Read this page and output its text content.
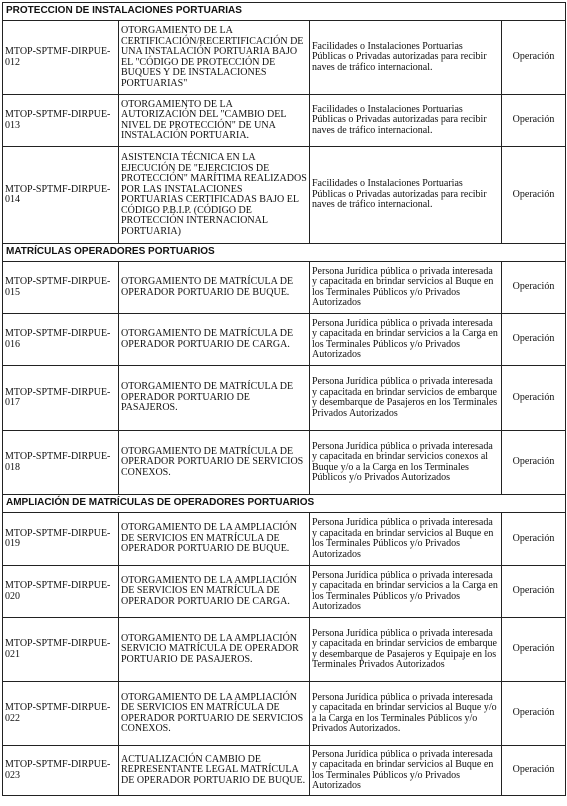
PROTECCION DE INSTALACIONES PORTUARIAS			
MTOP-SPTMF-DIRPUE-012	OTORGAMIENTO DE LA CERTIFICACIÓN/RECERTIFICACIÓN DE UNA INSTALACIÓN PORTUARIA BAJO EL "CÓDIGO DE PROTECCIÓN DE BUQUES Y DE INSTALACIONES PORTUARIAS"	Facilidades o Instalaciones Portuarias Públicas o Privadas autorizadas para recibir naves de tráfico internacional.	Operación
MTOP-SPTMF-DIRPUE-013	OTORGAMIENTO DE LA AUTORIZACIÓN DEL "CAMBIO DEL NIVEL DE PROTECCIÓN" DE UNA INSTALACIÓN PORTUARIA.	Facilidades o Instalaciones Portuarias Públicas o Privadas autorizadas para recibir naves de tráfico internacional.	Operación
MTOP-SPTMF-DIRPUE-014	ASISTENCIA TÉCNICA EN LA EJECUCIÓN DE "EJERCICIOS DE PROTECCIÓN" MARÍTIMA REALIZADOS POR LAS INSTALACIONES PORTUARIAS CERTIFICADAS BAJO EL CÓDIGO P.B.I.P. (CÓDIGO DE PROTECCIÓN INTERNACIONAL PORTUARIA)	Facilidades o Instalaciones Portuarias Públicas o Privadas autorizadas para recibir naves de tráfico internacional.	Operación
MATRÍCULAS OPERADORES PORTUARIOS			
MTOP-SPTMF-DIRPUE-015	OTORGAMIENTO DE MATRÍCULA DE OPERADOR PORTUARIO DE BUQUE.	Persona Jurídica pública o privada interesada y capacitada en brindar servicios al Buque en los Terminales Públicos y/o Privados Autorizados	Operación
MTOP-SPTMF-DIRPUE-016	OTORGAMIENTO DE MATRÍCULA DE OPERADOR PORTUARIO DE CARGA.	Persona Jurídica pública o privada interesada y capacitada en brindar servicios a la Carga en los Terminales Públicos y/o Privados Autorizados	Operación
MTOP-SPTMF-DIRPUE-017	OTORGAMIENTO DE MATRÍCULA DE OPERADOR PORTUARIO DE PASAJEROS.	Persona Jurídica pública o privada interesada y capacitada en brindar servicios de embarque y desembarque de Pasajeros en los Terminales Privados Autorizados	Operación
MTOP-SPTMF-DIRPUE-018	OTORGAMIENTO DE MATRÍCULA DE OPERADOR PORTUARIO DE SERVICIOS CONEXOS.	Persona Jurídica pública o privada interesada y capacitada en brindar servicios conexos al Buque y/o a la Carga en los Terminales Públicos y/o Privados Autorizados	Operación
AMPLIACIÓN DE MATRÍCULAS DE OPERADORES PORTUARIOS			
MTOP-SPTMF-DIRPUE-019	OTORGAMIENTO DE LA AMPLIACIÓN DE SERVICIOS EN MATRÍCULA DE OPERADOR PORTUARIO DE BUQUE.	Persona Jurídica pública o privada interesada y capacitada en brindar servicios al Buque en los Terminales Públicos y/o Privados Autorizados	Operación
MTOP-SPTMF-DIRPUE-020	OTORGAMIENTO DE LA AMPLIACIÓN DE SERVICIOS EN MATRÍCULA DE OPERADOR PORTUARIO DE CARGA.	Persona Jurídica pública o privada interesada y capacitada en brindar servicios a la Carga en los Terminales Públicos y/o Privados Autorizados	Operación
MTOP-SPTMF-DIRPUE-021	OTORGAMIENTO DE LA AMPLIACIÓN SERVICIO MATRÍCULA DE OPERADOR PORTUARIO DE PASAJEROS.	Persona Jurídica pública o privada interesada y capacitada en brindar servicios de embarque y desembarque de Pasajeros y Equipaje en los Terminales Privados Autorizados	Operación
MTOP-SPTMF-DIRPUE-022	OTORGAMIENTO DE LA AMPLIACIÓN DE SERVICIOS EN MATRÍCULA DE OPERADOR PORTUARIO DE SERVICIOS CONEXOS.	Persona Jurídica pública o privada interesada y capacitada en brindar servicios al Buque y/o a la Carga en los Terminales Públicos y/o Privados Autorizados.	Operación
MTOP-SPTMF-DIRPUE-023	ACTUALIZACIÓN CAMBIO DE REPRESENTANTE LEGAL MATRÍCULA DE OPERADOR PORTUARIO DE BUQUE.	Persona Jurídica pública o privada interesada y capacitada en brindar servicios al Buque en los Terminales Públicos y/o Privados Autorizados	Operación
